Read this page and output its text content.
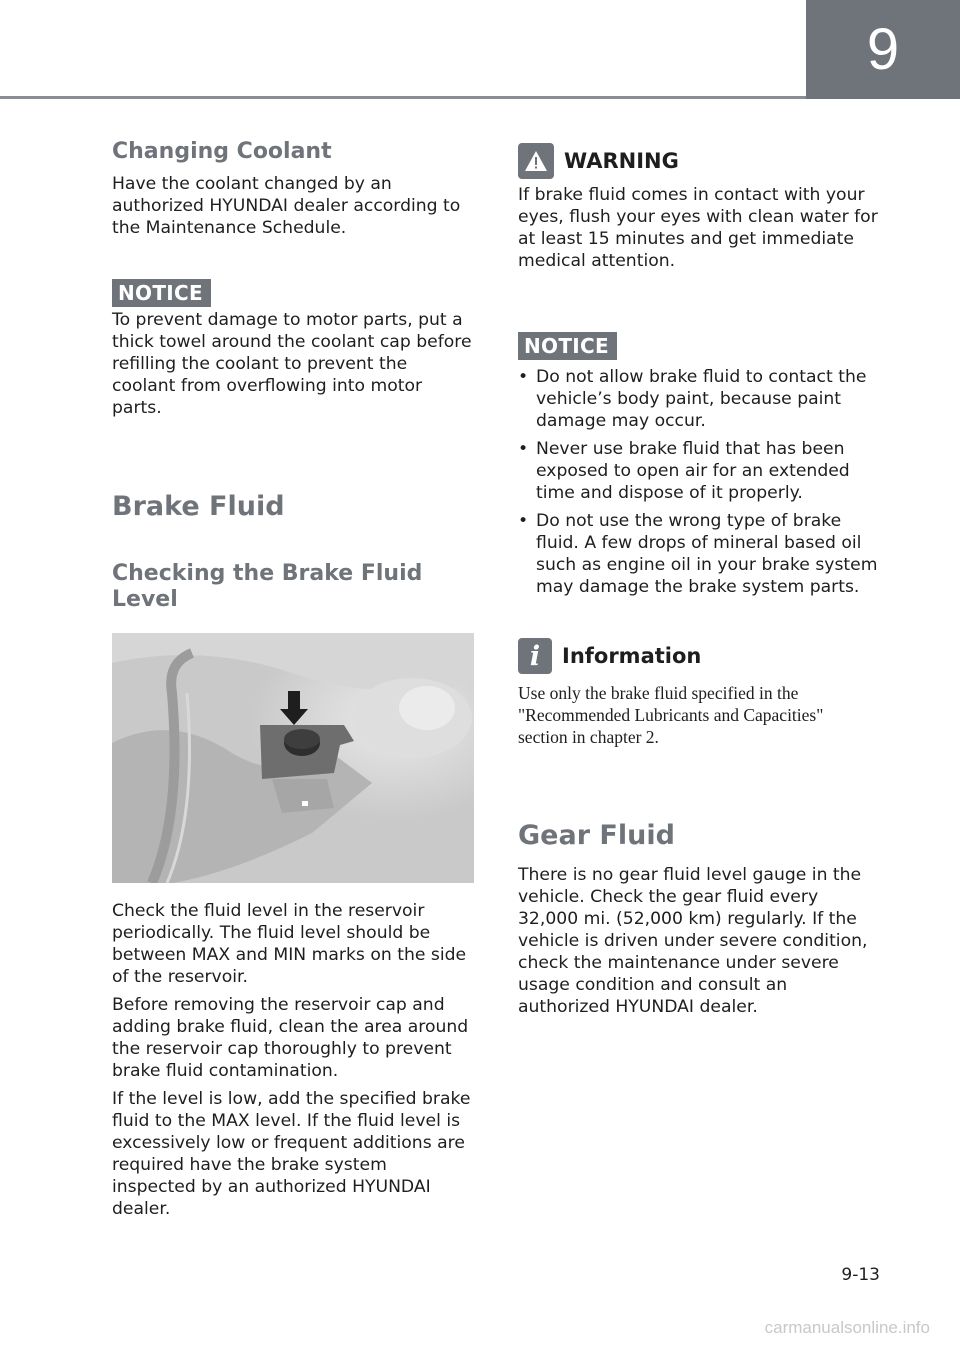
9
Changing Coolant

Have the coolant changed by an authorized HYUNDAI dealer according to the Maintenance Schedule.

NOTICE

To prevent damage to motor parts, put a thick towel around the coolant cap before refilling the coolant to prevent the coolant from overflowing into motor parts.

Brake Fluid
Checking the Brake Fluid Level

Check the fluid level in the reservoir periodically. The fluid level should be between MAX and MIN marks on the side of the reservoir.

Before removing the reservoir cap and adding brake fluid, clean the area around the reservoir cap thoroughly to prevent brake fluid contamination.

If the level is low, add the specified brake fluid to the MAX level. If the fluid level is excessively low or frequent additions are required have the brake system inspected by an authorized HYUNDAI dealer.

WARNING

If brake fluid comes in contact with your eyes, flush your eyes with clean water for at least 15 minutes and get immediate medical attention.

NOTICE
• Do not allow brake fluid to contact the vehicle’s body paint, because paint damage may occur.
• Never use brake fluid that has been exposed to open air for an extended time and dispose of it properly.
• Do not use the wrong type of brake fluid. A few drops of mineral based oil such as engine oil in your brake system may damage the brake system parts.
i	Information

Use only the brake fluid specified in the "Recommended Lubricants and Capacities" section in chapter 2.

Gear Fluid

There is no gear fluid level gauge in the vehicle. Check the gear fluid every 32,000 mi. (52,000 km) regularly. If the vehicle is driven under severe condition, check the maintenance under severe usage condition and consult an authorized HYUNDAI dealer.

9-13
carmanualsonline.info
